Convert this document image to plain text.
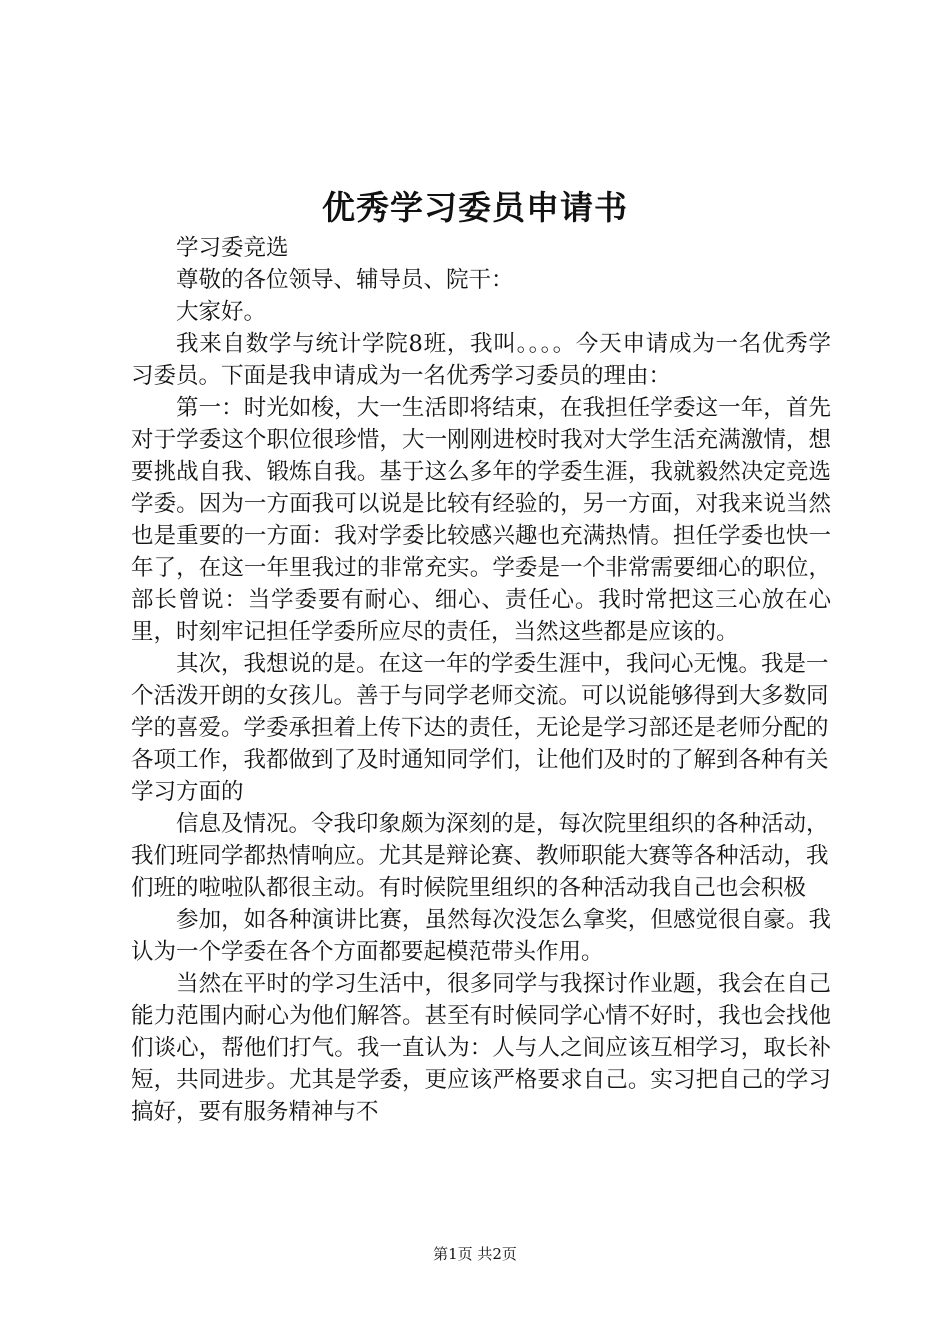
优秀学习委员申请书

学习委竞选

尊敬的各位领导、辅导员、院干：

大家好。

我来自数学与统计学院8班，我叫。。。。今天申请成为一名优秀学习委员。下面是我申请成为一名优秀学习委员的理由：

第一：时光如梭，大一生活即将结束，在我担任学委这一年，首先对于学委这个职位很珍惜，大一刚刚进校时我对大学生活充满激情，想要挑战自我、锻炼自我。基于这么多年的学委生涯，我就毅然决定竞选学委。因为一方面我可以说是比较有经验的，另一方面，对我来说当然也是重要的一方面：我对学委比较感兴趣也充满热情。担任学委也快一年了，在这一年里我过的非常充实。学委是一个非常需要细心的职位，部长曾说：当学委要有耐心、细心、责任心。我时常把这三心放在心里，时刻牢记担任学委所应尽的责任，当然这些都是应该的。

其次，我想说的是。在这一年的学委生涯中，我问心无愧。我是一个活泼开朗的女孩儿。善于与同学老师交流。可以说能够得到大多数同学的喜爱。学委承担着上传下达的责任，无论是学习部还是老师分配的各项工作，我都做到了及时通知同学们，让他们及时的了解到各种有关学习方面的

信息及情况。令我印象颇为深刻的是，每次院里组织的各种活动，我们班同学都热情响应。尤其是辩论赛、教师职能大赛等各种活动，我们班的啦啦队都很主动。有时候院里组织的各种活动我自己也会积极

参加，如各种演讲比赛，虽然每次没怎么拿奖，但感觉很自豪。我认为一个学委在各个方面都要起模范带头作用。

当然在平时的学习生活中，很多同学与我探讨作业题，我会在自己能力范围内耐心为他们解答。甚至有时候同学心情不好时，我也会找他们谈心，帮他们打气。我一直认为：人与人之间应该互相学习，取长补短，共同进步。尤其是学委，更应该严格要求自己。实习把自己的学习搞好，要有服务精神与不

第1页 共2页
